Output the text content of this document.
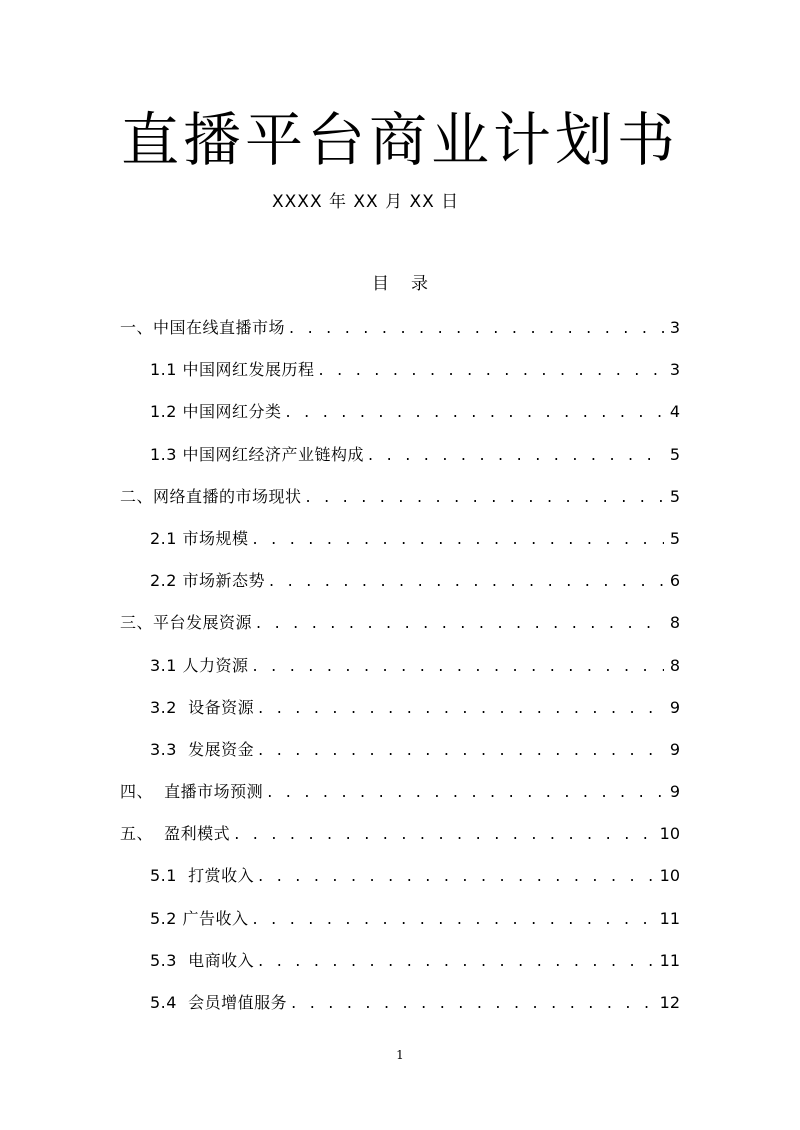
直播平台商业计划书
XXXX 年 XX 月 XX 日
目录
一、中国在线直播市场 . . .	3
1.1 中国网红发展历程 . . .	3
1.2 中国网红分类 . . .	4
1.3 中国网红经济产业链构成 . . .	5
二、网络直播的市场现状 . . .	5
2.1 市场规模 . . .	5
2.2 市场新态势 . . .	6
三、平台发展资源 . . .	8
3.1 人力资源 . . .	8
3.2  设备资源 . . .	9
3.3  发展资金 . . .	9
四、  直播市场预测 . . .	9
五、  盈利模式 . . .	10
5.1  打赏收入 . . .	10
5.2 广告收入 . . .	11
5.3  电商收入 . . .	11
5.4  会员增值服务 . . .	12
1
